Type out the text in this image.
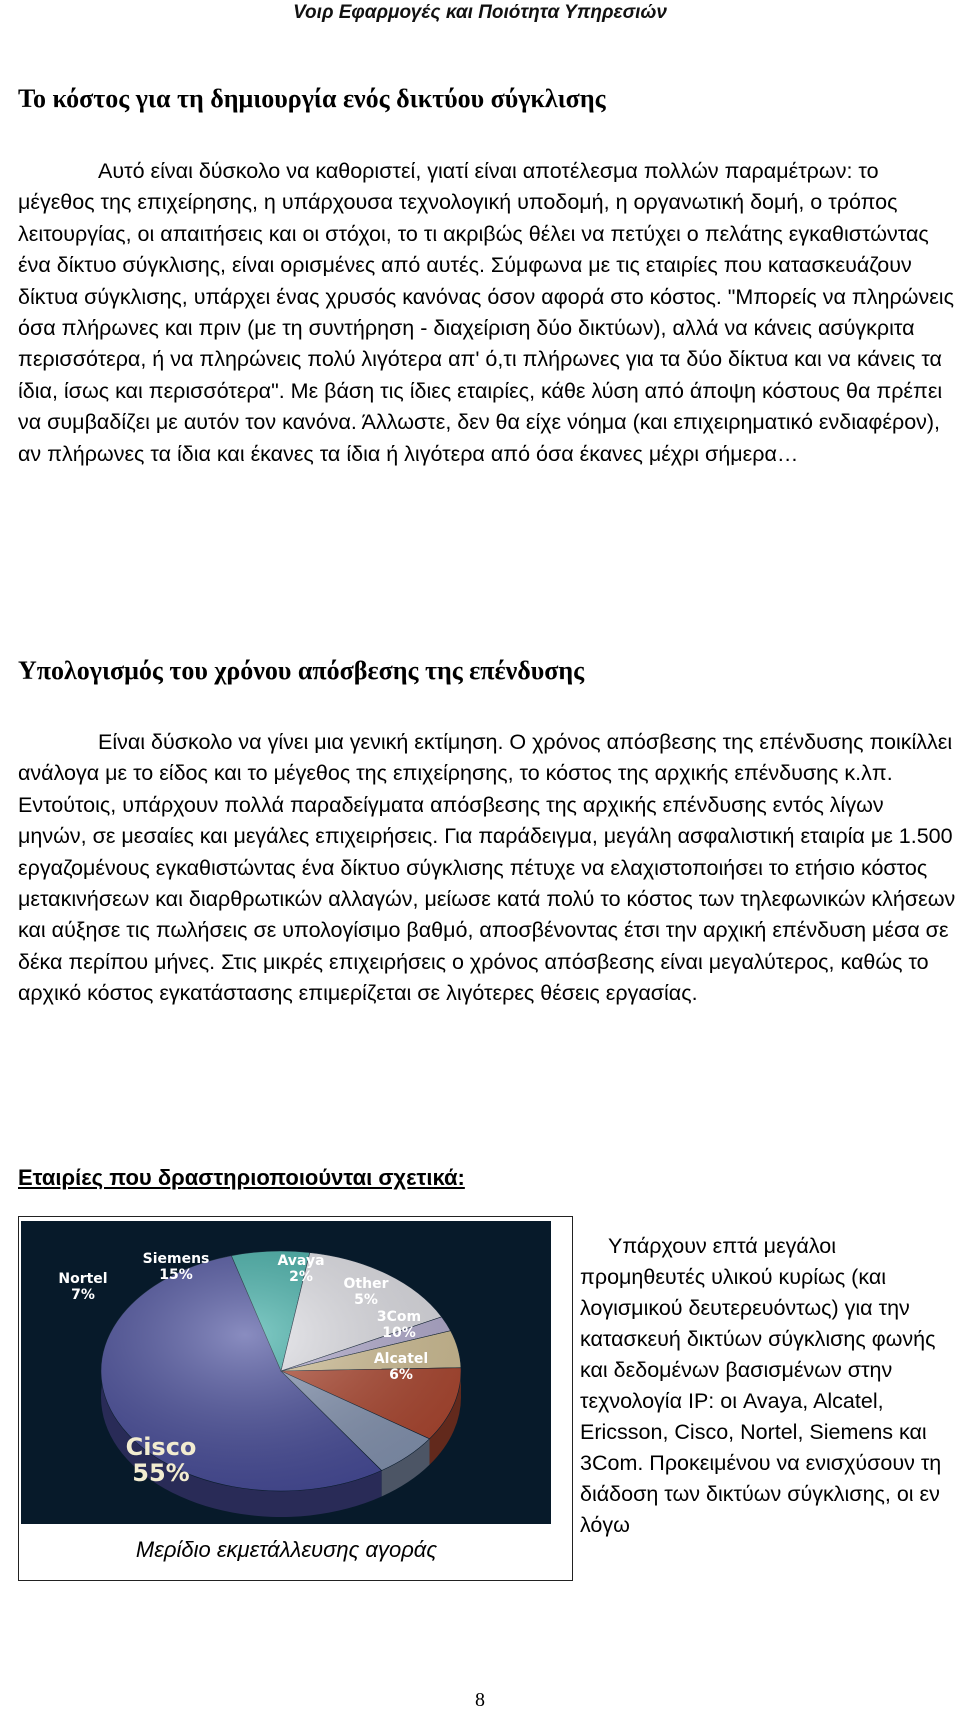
Voιρ Εφαρμογές και Ποιότητα Υπηρεσιών
Το κόστος για τη δημιουργία ενός δικτύου σύγκλισης

Αυτό είναι δύσκολο να καθοριστεί, γιατί είναι αποτέλεσμα πολλών παραμέτρων: το μέγεθος της επιχείρησης, η υπάρχουσα τεχνολογική υποδομή, η οργανωτική δομή, ο τρόπος λειτουργίας, οι απαιτήσεις και οι στόχοι, το τι ακριβώς θέλει να πετύχει ο πελάτης εγκαθιστώντας ένα δίκτυο σύγκλισης, είναι ορισμένες από αυτές. Σύμφωνα με τις εταιρίες που κατασκευάζουν δίκτυα σύγκλισης, υπάρχει ένας χρυσός κανόνας όσον αφορά στο κόστος. "Μπορείς να πληρώνεις όσα πλήρωνες και πριν (με τη συντήρηση - διαχείριση δύο δικτύων), αλλά να κάνεις ασύγκριτα περισσότερα, ή να πληρώνεις πολύ λιγότερα απ' ό,τι πλήρωνες για τα δύο δίκτυα και να κάνεις τα ίδια, ίσως και περισσότερα". Με βάση τις ίδιες εταιρίες, κάθε λύση από άποψη κόστους θα πρέπει να συμβαδίζει με αυτόν τον κανόνα. Άλλωστε, δεν θα είχε νόημα (και επιχειρηματικό ενδιαφέρον), αν πλήρωνες τα ίδια και έκανες τα ίδια ή λιγότερα από όσα έκανες μέχρι σήμερα…

Υπολογισμός του χρόνου απόσβεσης της επένδυσης

Είναι δύσκολο να γίνει μια γενική εκτίμηση. Ο χρόνος απόσβεσης της επένδυσης ποικίλλει ανάλογα με το είδος και το μέγεθος της επιχείρησης, το κόστος της αρχικής επένδυσης κ.λπ. Εντούτοις, υπάρχουν πολλά παραδείγματα απόσβεσης της αρχικής επένδυσης εντός λίγων μηνών, σε μεσαίες και μεγάλες επιχειρήσεις. Για παράδειγμα, μεγάλη ασφαλιστική εταιρία με 1.500 εργαζομένους εγκαθιστώντας ένα δίκτυο σύγκλισης πέτυχε να ελαχιστοποιήσει το ετήσιο κόστος μετακινήσεων και διαρθρωτικών αλλαγών, μείωσε κατά πολύ το κόστος των τηλεφωνικών κλήσεων και αύξησε τις πωλήσεις σε υπολογίσιμο βαθμό, αποσβένοντας έτσι την αρχική επένδυση μέσα σε δέκα περίπου μήνες. Στις μικρές επιχειρήσεις ο χρόνος απόσβεσης είναι μεγαλύτερος, καθώς το αρχικό κόστος εγκατάστασης επιμερίζεται σε λιγότερες θέσεις εργασίας.

Εταιρίες που δραστηριοποιούνται σχετικά:
Cisco
55%
Nortel
7%
Siemens
15%
Avaya
2% Other
5%
3Com
10%
Alcatel
6%
Μερίδιο εκμετάλλευσης αγοράς

Υπάρχουν επτά μεγάλοι προμηθευτές υλικού κυρίως (και λογισμικού δευτερευόντως) για την κατασκευή δικτύων σύγκλισης φωνής και δεδομένων βασισμένων στην τεχνολογία IP: οι Avaya, Alcatel, Ericsson, Cisco, Nortel, Siemens και 3Com. Προκειμένου να ενισχύσουν τη διάδοση των δικτύων σύγκλισης, οι εν λόγω

8
